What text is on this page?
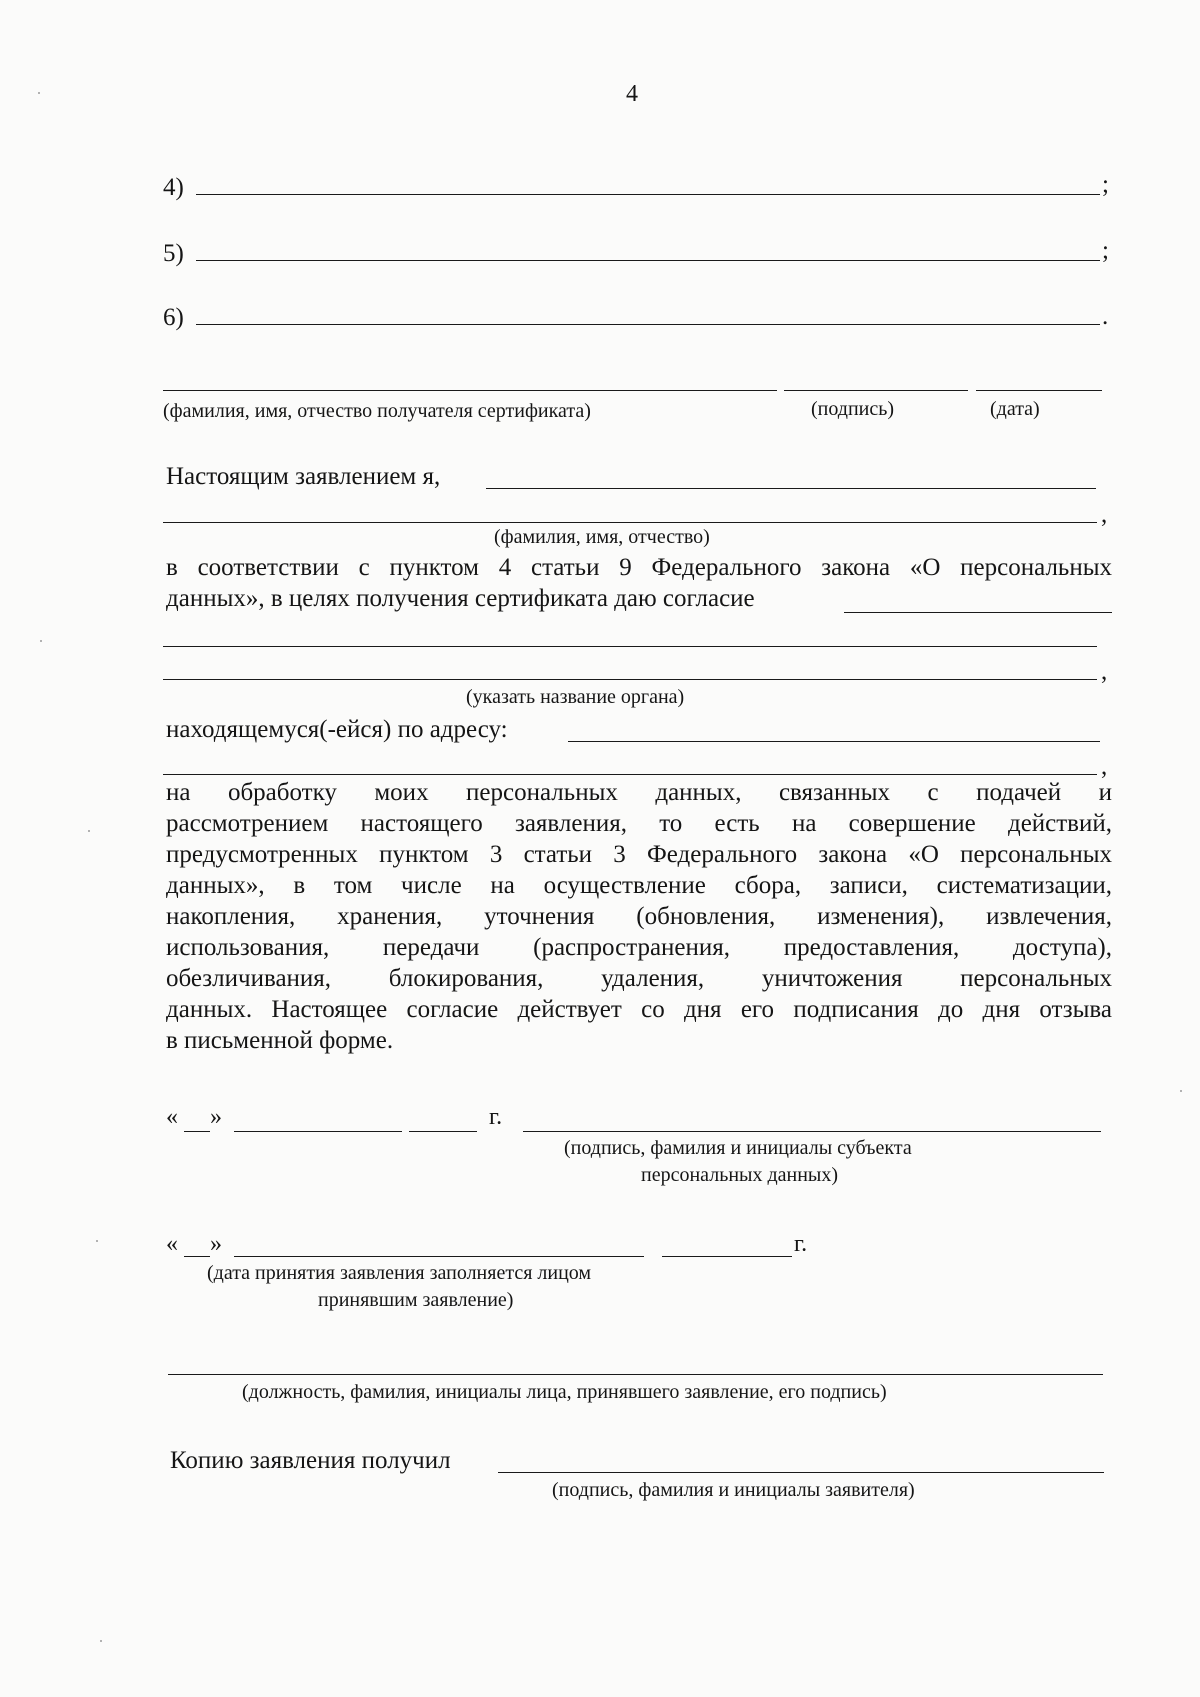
4
4)	;
5)	;
6)	.
(фамилия, имя, отчество получателя сертификата)	(подпись)	(дата)
Настоящим заявлением я,
,
(фамилия, имя, отчество)
в соответствии с пунктом 4 статьи 9 Федерального закона «О персональных
данных», в целях получения сертификата даю согласие
,
(указать название органа)
находящемуся(-ейся) по адресу:
,
на обработку моих персональных данных, связанных с подачей и
рассмотрением настоящего заявления, то есть на совершение действий,
предусмотренных пунктом 3 статьи 3 Федерального закона «О персональных
данных», в том числе на осуществление сбора, записи, систематизации,
накопления, хранения, уточнения (обновления, изменения), извлечения,
использования, передачи (распространения, предоставления, доступа),
обезличивания, блокирования, удаления, уничтожения персональных
данных. Настоящее согласие действует со дня его подписания до дня отзыва
в письменной форме.
« »	г.
(подпись, фамилия и инициалы субъекта
персональных данных)
« »	г.
(дата принятия заявления заполняется лицом
принявшим заявление)
(должность, фамилия, инициалы лица, принявшего заявление, его подпись)
Копию заявления получил
(подпись, фамилия и инициалы заявителя)
